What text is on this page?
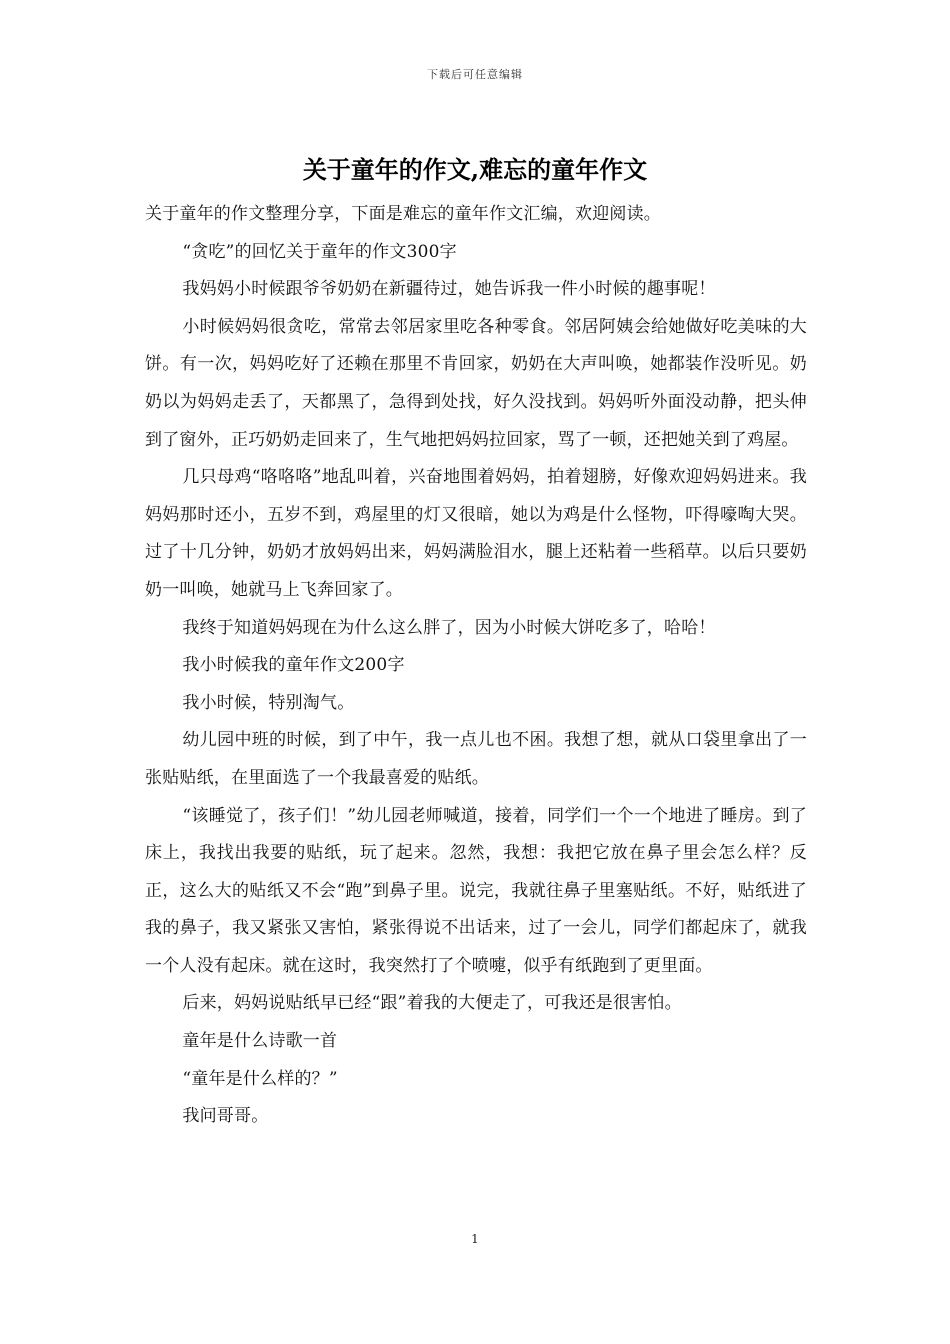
下载后可任意编辑
关于童年的作文,难忘的童年作文

关于童年的作文整理分享，下面是难忘的童年作文汇编，欢迎阅读。

“贪吃”的回忆关于童年的作文300字

我妈妈小时候跟爷爷奶奶在新疆待过，她告诉我一件小时候的趣事呢！

小时候妈妈很贪吃，常常去邻居家里吃各种零食。邻居阿姨会给她做好吃美味的大饼。有一次，妈妈吃好了还赖在那里不肯回家，奶奶在大声叫唤，她都装作没听见。奶奶以为妈妈走丢了，天都黑了，急得到处找，好久没找到。妈妈听外面没动静，把头伸到了窗外，正巧奶奶走回来了，生气地把妈妈拉回家，骂了一顿，还把她关到了鸡屋。

几只母鸡“咯咯咯”地乱叫着，兴奋地围着妈妈，拍着翅膀，好像欢迎妈妈进来。我妈妈那时还小，五岁不到，鸡屋里的灯又很暗，她以为鸡是什么怪物，吓得嚎啕大哭。过了十几分钟，奶奶才放妈妈出来，妈妈满脸泪水，腿上还粘着一些稻草。以后只要奶奶一叫唤，她就马上飞奔回家了。

我终于知道妈妈现在为什么这么胖了，因为小时候大饼吃多了，哈哈！

我小时候我的童年作文200字

我小时候，特别淘气。

幼儿园中班的时候，到了中午，我一点儿也不困。我想了想，就从口袋里拿出了一张贴贴纸，在里面选了一个我最喜爱的贴纸。

“该睡觉了，孩子们！”幼儿园老师喊道，接着，同学们一个一个地进了睡房。到了床上，我找出我要的贴纸，玩了起来。忽然，我想：我把它放在鼻子里会怎么样？反正，这么大的贴纸又不会“跑”到鼻子里。说完，我就往鼻子里塞贴纸。不好，贴纸进了我的鼻子，我又紧张又害怕，紧张得说不出话来，过了一会儿，同学们都起床了，就我一个人没有起床。就在这时，我突然打了个喷嚏，似乎有纸跑到了更里面。

后来，妈妈说贴纸早已经“跟”着我的大便走了，可我还是很害怕。

童年是什么诗歌一首

“童年是什么样的？”

我问哥哥。

1
